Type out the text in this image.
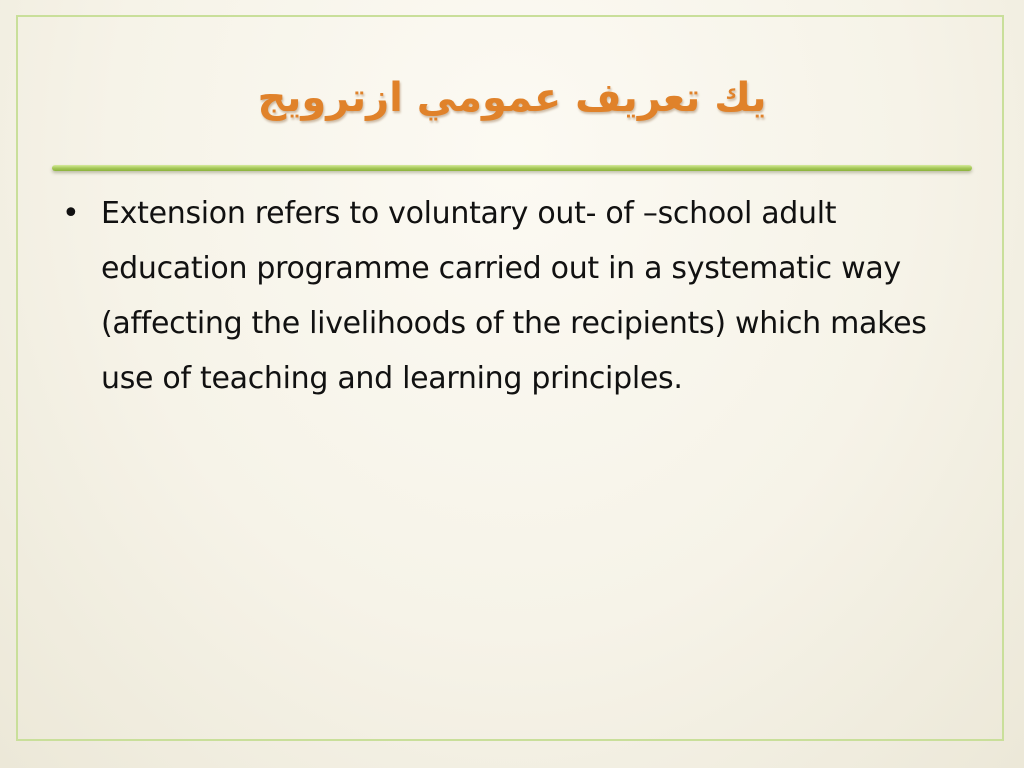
يك تعريف عمومي ازترويج
• Extension refers to voluntary out- of –school adult education programme carried out in a systematic way (affecting the livelihoods of the recipients) which makes use of teaching and learning principles.
